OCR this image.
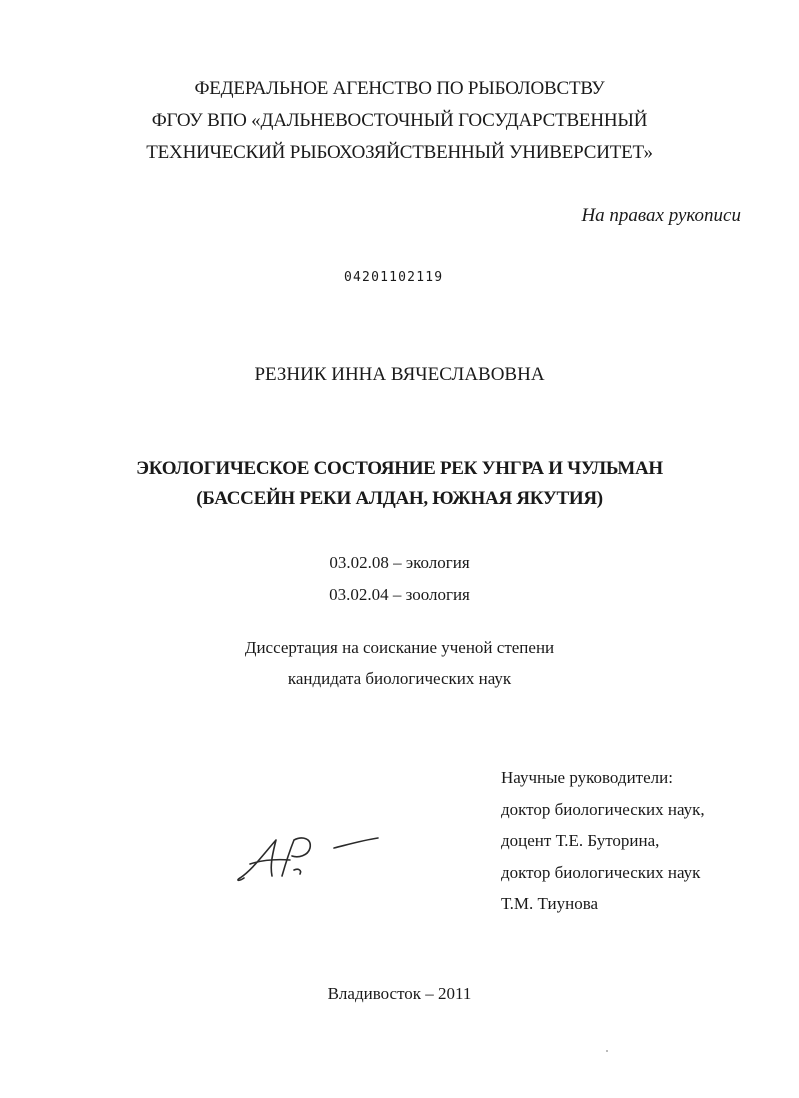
ФЕДЕРАЛЬНОЕ АГЕНСТВО ПО РЫБОЛОВСТВУ
ФГОУ ВПО «ДАЛЬНЕВОСТОЧНЫЙ ГОСУДАРСТВЕННЫЙ
ТЕХНИЧЕСКИЙ РЫБОХОЗЯЙСТВЕННЫЙ УНИВЕРСИТЕТ»
На правах рукописи
04201102119
РЕЗНИК ИННА ВЯЧЕСЛАВОВНА
ЭКОЛОГИЧЕСКОЕ СОСТОЯНИЕ РЕК УНГРА И ЧУЛЬМАН
(БАССЕЙН РЕКИ АЛДАН, ЮЖНАЯ ЯКУТИЯ)
03.02.08 – экология
03.02.04 – зоология
Диссертация на соискание ученой степени
кандидата биологических наук
Научные руководители:
доктор биологических наук,
доцент Т.Е. Буторина,
доктор биологических наук
Т.М. Тиунова
Владивосток – 2011
